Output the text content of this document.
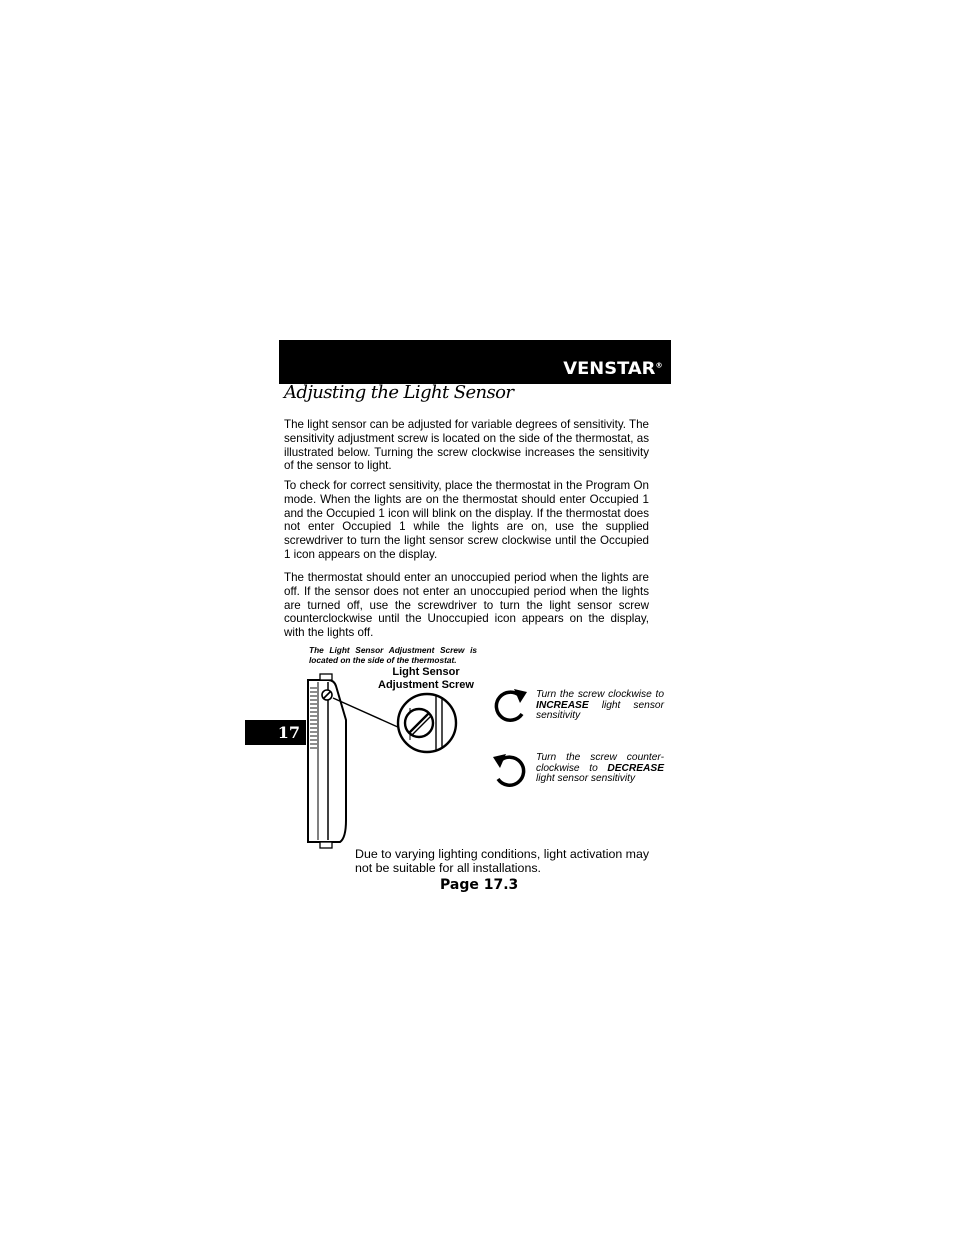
VENSTAR®
Adjusting the Light Sensor

The light sensor can be adjusted for variable degrees of sensitivity. The sensitivity adjustment screw is located on the side of the thermostat, as illustrated below. Turning the screw clockwise increases the sensitivity of the sensor to light.

To check for correct sensitivity, place the thermostat in the Program On mode. When the lights are on the thermostat should enter Occupied 1 and the Occupied 1 icon will blink on the display. If the thermostat does not enter Occupied 1 while the lights are on, use the supplied screwdriver to turn the light sensor screw clockwise until the Occupied 1 icon appears on the display.

The thermostat should enter an unoccupied period when the lights are off. If the sensor does not enter an unoccupied period when the lights are turned off, use the screwdriver to turn the light sensor screw counterclockwise until the Unoccupied icon appears on the display, with the lights off.

17

The Light Sensor Adjustment Screw is located on the side of the thermostat.

Light Sensor
Adjustment Screw

Turn the screw clockwise to INCREASE light sensor sensitivity

Turn the screw counter-clockwise to DECREASE light sensor sensitivity

Due to varying lighting conditions, light activation may not be suitable for all installations.

Page 17.3
